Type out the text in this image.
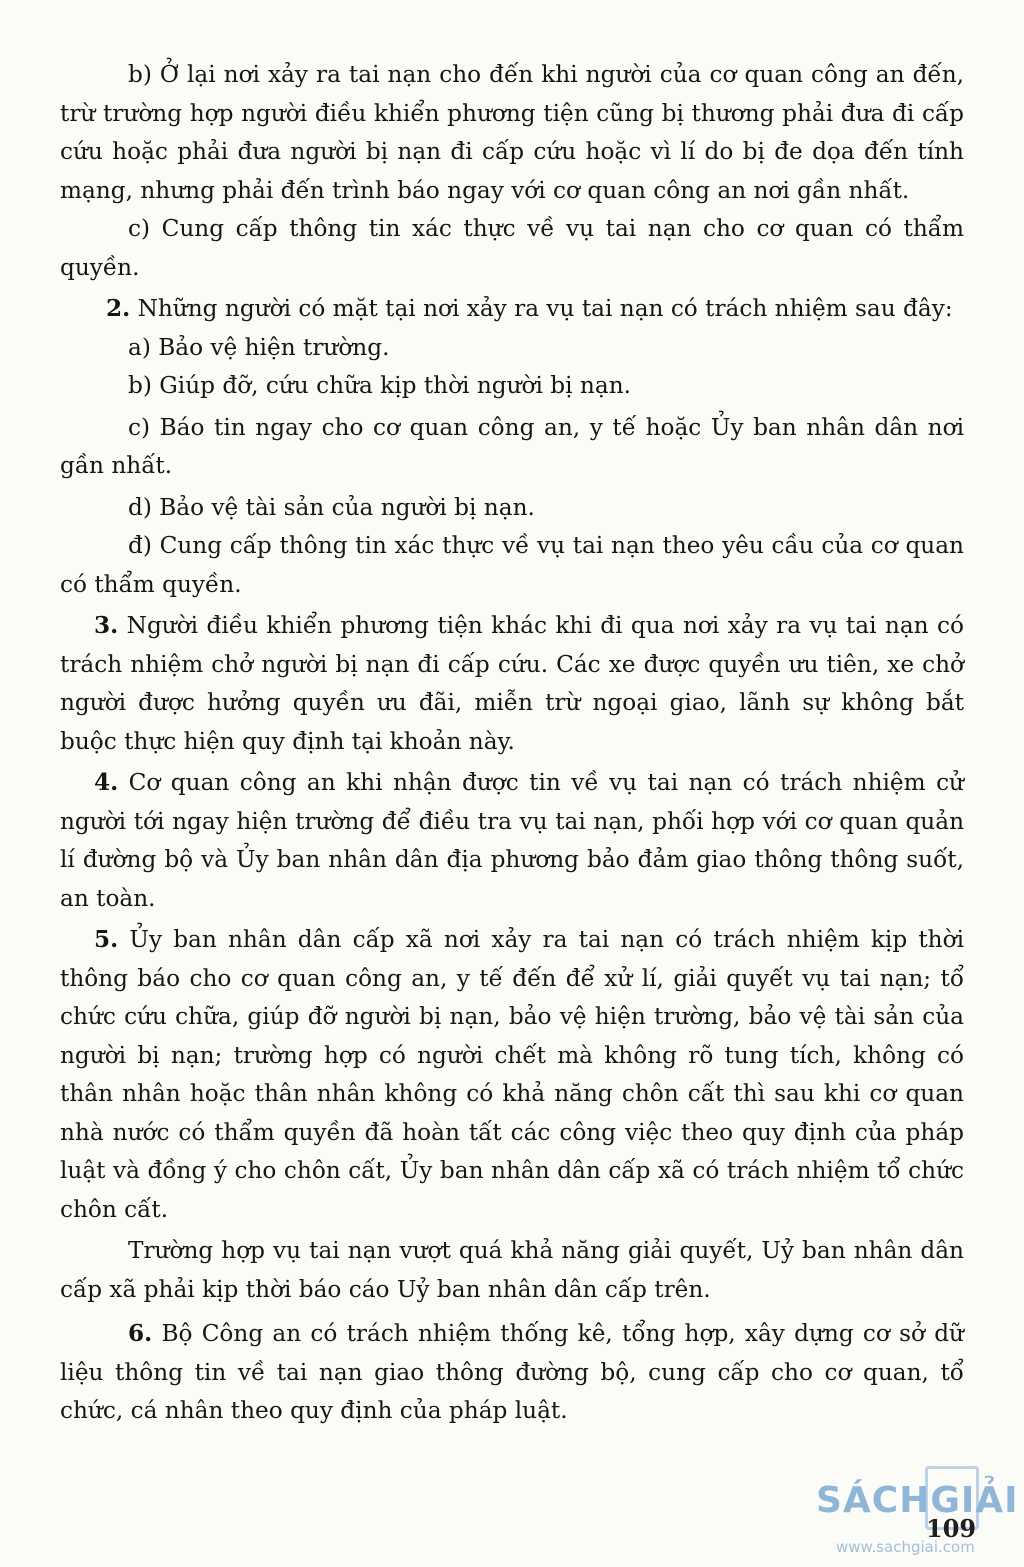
b) Ở lại nơi xảy ra tai nạn cho đến khi người của cơ quan công an đến, trừ trường hợp người điều khiển phương tiện cũng bị thương phải đưa đi cấp cứu hoặc phải đưa người bị nạn đi cấp cứu hoặc vì lí do bị đe dọa đến tính mạng, nhưng phải đến trình báo ngay với cơ quan công an nơi gần nhất.

c) Cung cấp thông tin xác thực về vụ tai nạn cho cơ quan có thẩm quyền.

2. Những người có mặt tại nơi xảy ra vụ tai nạn có trách nhiệm sau đây:

a) Bảo vệ hiện trường.

b) Giúp đỡ, cứu chữa kịp thời người bị nạn.

c) Báo tin ngay cho cơ quan công an, y tế hoặc Ủy ban nhân dân nơi gần nhất.

d) Bảo vệ tài sản của người bị nạn.

đ) Cung cấp thông tin xác thực về vụ tai nạn theo yêu cầu của cơ quan có thẩm quyền.

3. Người điều khiển phương tiện khác khi đi qua nơi xảy ra vụ tai nạn có trách nhiệm chở người bị nạn đi cấp cứu. Các xe được quyền ưu tiên, xe chở người được hưởng quyền ưu đãi, miễn trừ ngoại giao, lãnh sự không bắt buộc thực hiện quy định tại khoản này.

4. Cơ quan công an khi nhận được tin về vụ tai nạn có trách nhiệm cử người tới ngay hiện trường để điều tra vụ tai nạn, phối hợp với cơ quan quản lí đường bộ và Ủy ban nhân dân địa phương bảo đảm giao thông thông suốt, an toàn.

5. Ủy ban nhân dân cấp xã nơi xảy ra tai nạn có trách nhiệm kịp thời thông báo cho cơ quan công an, y tế đến để xử lí, giải quyết vụ tai nạn; tổ chức cứu chữa, giúp đỡ người bị nạn, bảo vệ hiện trường, bảo vệ tài sản của người bị nạn; trường hợp có người chết mà không rõ tung tích, không có thân nhân hoặc thân nhân không có khả năng chôn cất thì sau khi cơ quan nhà nước có thẩm quyền đã hoàn tất các công việc theo quy định của pháp luật và đồng ý cho chôn cất, Ủy ban nhân dân cấp xã có trách nhiệm tổ chức chôn cất.

Trường hợp vụ tai nạn vượt quá khả năng giải quyết, Uỷ ban nhân dân cấp xã phải kịp thời báo cáo Uỷ ban nhân dân cấp trên.

6. Bộ Công an có trách nhiệm thống kê, tổng hợp, xây dựng cơ sở dữ liệu thông tin về tai nạn giao thông đường bộ, cung cấp cho cơ quan, tổ chức, cá nhân theo quy định của pháp luật.

SÁCHGIẢI
www.sachgiai.com
109
